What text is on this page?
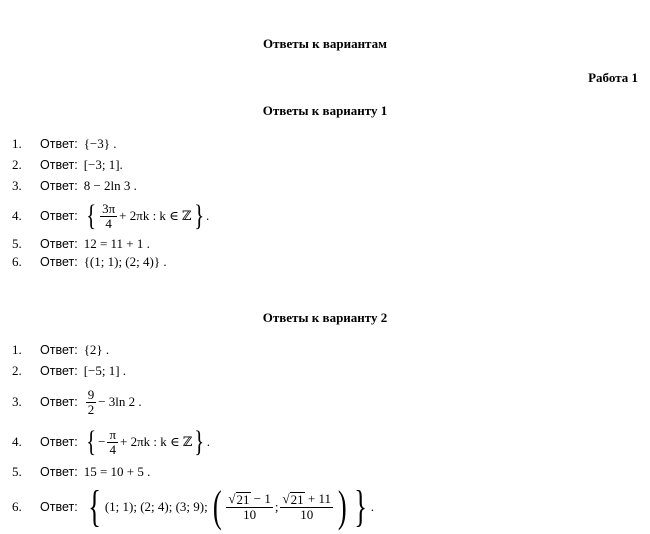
Ответы к вариантам
Работа 1
Ответы к варианту 1
1.	Ответ: {−3} .
2.	Ответ: [−3; 1].
3.	Ответ: 8 − 2ln 3 .
4.	Ответ: { $\frac{3\pi}{4} + 2\pi k$ : k ∈ ℤ } .
5.	Ответ: 12 = 11 + 1 .
6.	Ответ: {(1; 1); (2; 4)} .
Ответы к варианту 2
1.	Ответ: {2} .
2.	Ответ: [−5; 1] .
3.	Ответ: $\frac{9}{2} - 3\ln$ 2 .
4.	Ответ: { − $\frac{\pi}{4} + 2\pi k$ : k ∈ ℤ } .
5.	Ответ: 15 = 10 + 5 .
6.	Ответ: { (1; 1); (2; 4); (3; 9); ( $\frac{√ 21 - 1}{10}$ ; $\frac{√ 21 + 11}{10}$ ) } .
